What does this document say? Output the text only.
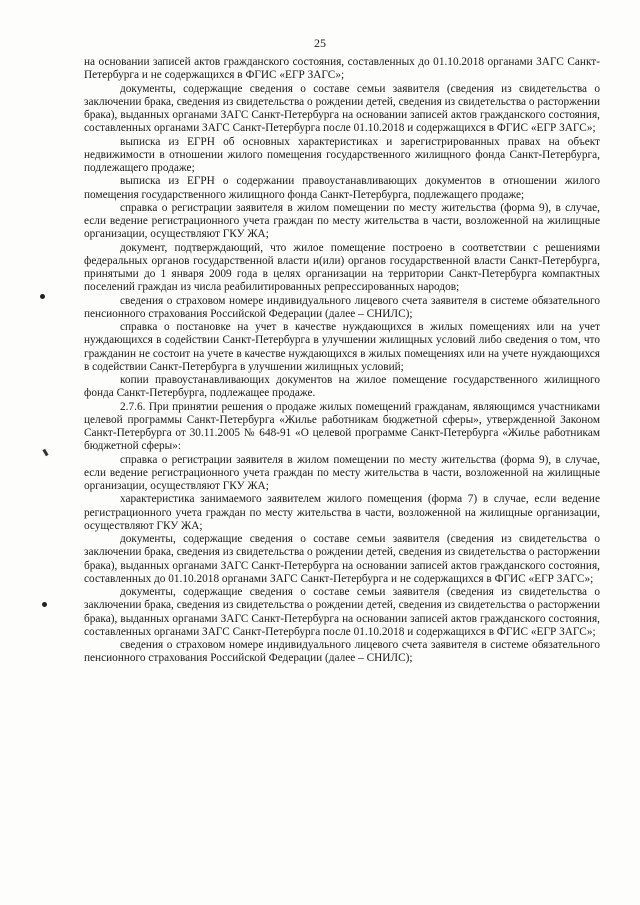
25

на основании записей актов гражданского состояния, составленных до 01.10.2018 органами ЗАГС Санкт-Петербурга и не содержащихся в ФГИС «ЕГР ЗАГС»;

документы, содержащие сведения о составе семьи заявителя (сведения из свидетельства о заключении брака, сведения из свидетельства о рождении детей, сведения из свидетельства о расторжении брака), выданных органами ЗАГС Санкт-Петербурга на основании записей актов гражданского состояния, составленных органами ЗАГС Санкт-Петербурга после 01.10.2018 и содержащихся в ФГИС «ЕГР ЗАГС»;

выписка из ЕГРН об основных характеристиках и зарегистрированных правах на объект недвижимости в отношении жилого помещения государственного жилищного фонда Санкт-Петербурга, подлежащего продаже;

выписка из ЕГРН о содержании правоустанавливающих документов в отношении жилого помещения государственного жилищного фонда Санкт-Петербурга, подлежащего продаже;

справка о регистрации заявителя в жилом помещении по месту жительства (форма 9), в случае, если ведение регистрационного учета граждан по месту жительства в части, возложенной на жилищные организации, осуществляют ГКУ ЖА;

документ, подтверждающий, что жилое помещение построено в соответствии с решениями федеральных органов государственной власти и(или) органов государственной власти Санкт-Петербурга, принятыми до 1 января 2009 года в целях организации на территории Санкт-Петербурга компактных поселений граждан из числа реабилитированных репрессированных народов;

сведения о страховом номере индивидуального лицевого счета заявителя в системе обязательного пенсионного страхования Российской Федерации (далее – СНИЛС);

справка о постановке на учет в качестве нуждающихся в жилых помещениях или на учет нуждающихся в содействии Санкт-Петербурга в улучшении жилищных условий либо сведения о том, что гражданин не состоит на учете в качестве нуждающихся в жилых помещениях или на учете нуждающихся в содействии Санкт-Петербурга в улучшении жилищных условий;

копии правоустанавливающих документов на жилое помещение государственного жилищного фонда Санкт-Петербурга, подлежащее продаже.

2.7.6. При принятии решения о продаже жилых помещений гражданам, являющимся участниками целевой программы Санкт-Петербурга «Жилье работникам бюджетной сферы», утвержденной Законом Санкт-Петербурга от 30.11.2005 № 648-91 «О целевой программе Санкт-Петербурга «Жилье работникам бюджетной сферы»:

справка о регистрации заявителя в жилом помещении по месту жительства (форма 9), в случае, если ведение регистрационного учета граждан по месту жительства в части, возложенной на жилищные организации, осуществляют ГКУ ЖА;

характеристика занимаемого заявителем жилого помещения (форма 7) в случае, если ведение регистрационного учета граждан по месту жительства в части, возложенной на жилищные организации, осуществляют ГКУ ЖА;

документы, содержащие сведения о составе семьи заявителя (сведения из свидетельства о заключении брака, сведения из свидетельства о рождении детей, сведения из свидетельства о расторжении брака), выданных органами ЗАГС Санкт-Петербурга на основании записей актов гражданского состояния, составленных до 01.10.2018 органами ЗАГС Санкт-Петербурга и не содержащихся в ФГИС «ЕГР ЗАГС»;

документы, содержащие сведения о составе семьи заявителя (сведения из свидетельства о заключении брака, сведения из свидетельства о рождении детей, сведения из свидетельства о расторжении брака), выданных органами ЗАГС Санкт-Петербурга на основании записей актов гражданского состояния, составленных органами ЗАГС Санкт-Петербурга после 01.10.2018 и содержащихся в ФГИС «ЕГР ЗАГС»;

сведения о страховом номере индивидуального лицевого счета заявителя в системе обязательного пенсионного страхования Российской Федерации (далее – СНИЛС);
